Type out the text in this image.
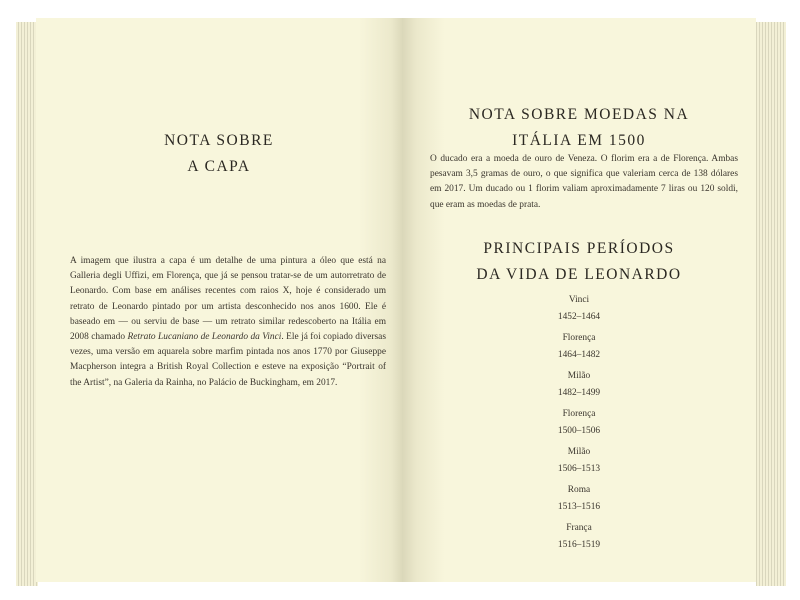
NOTA SOBRE

A CAPA

A imagem que ilustra a capa é um detalhe de uma pintura a óleo que está na Galleria degli Uffizi, em Florença, que já se pensou tratar-se de um autorretrato de Leonardo. Com base em análises recentes com raios X, hoje é considerado um retrato de Leonardo pintado por um artista desconhecido nos anos 1600. Ele é baseado em — ou serviu de base — um retrato similar redescoberto na Itália em 2008 chamado Retrato Lucaniano de Leonardo da Vinci. Ele já foi copiado diversas vezes, uma versão em aquarela sobre marfim pintada nos anos 1770 por Giuseppe Macpherson integra a British Royal Collection e esteve na exposição “Portrait of the Artist”, na Galeria da Rainha, no Palácio de Buckingham, em 2017.

NOTA SOBRE MOEDAS NA

ITÁLIA EM 1500

O ducado era a moeda de ouro de Veneza. O florim era a de Florença. Ambas pesavam 3,5 gramas de ouro, o que significa que valeriam cerca de 138 dólares em 2017. Um ducado ou 1 florim valiam aproximadamente 7 liras ou 120 soldi, que eram as moedas de prata.

PRINCIPAIS PERÍODOS

DA VIDA DE LEONARDO

Vinci
1452–1464
Florença
1464–1482
Milão
1482–1499
Florença
1500–1506
Milão
1506–1513
Roma
1513–1516
França
1516–1519
